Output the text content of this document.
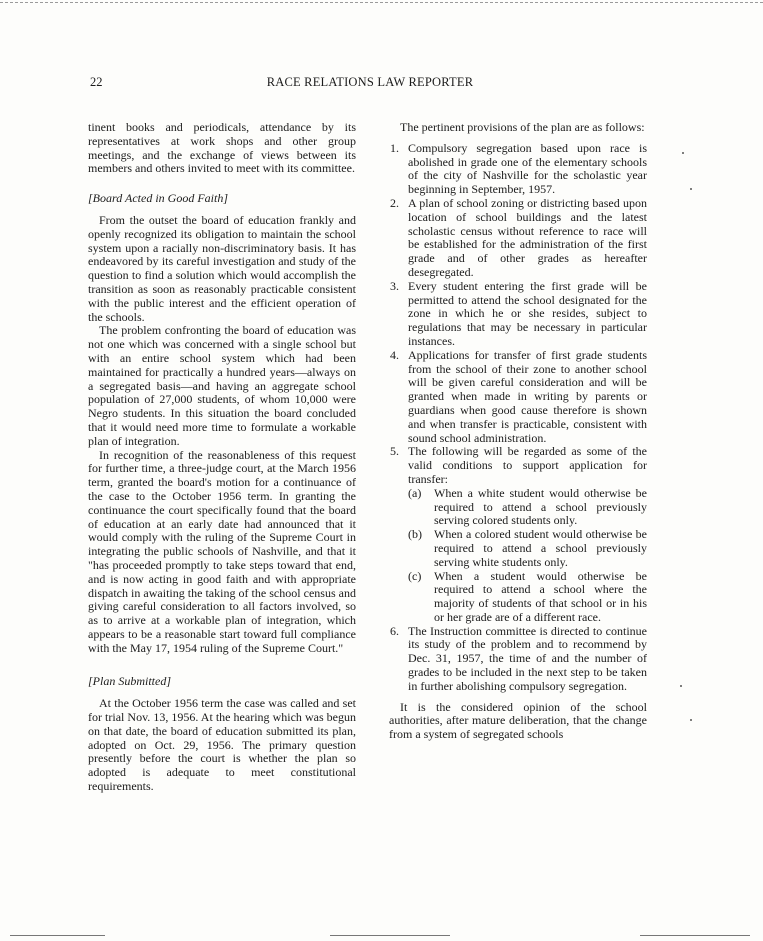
22	RACE RELATIONS LAW REPORTER

tinent books and periodicals, attendance by its representatives at work shops and other group meetings, and the exchange of views between its members and others invited to meet with its committee.

[Board Acted in Good Faith]

From the outset the board of education frankly and openly recognized its obligation to maintain the school system upon a racially non-discriminatory basis. It has endeavored by its careful investigation and study of the question to find a solution which would accomplish the transition as soon as reasonably practicable consistent with the public interest and the efficient operation of the schools.

The problem confronting the board of education was not one which was concerned with a single school but with an entire school system which had been maintained for practically a hundred years—always on a segregated basis—and having an aggregate school population of 27,000 students, of whom 10,000 were Negro students. In this situation the board concluded that it would need more time to formulate a workable plan of integration.

In recognition of the reasonableness of this request for further time, a three-judge court, at the March 1956 term, granted the board's motion for a continuance of the case to the October 1956 term. In granting the continuance the court specifically found that the board of education at an early date had announced that it would comply with the ruling of the Supreme Court in integrating the public schools of Nashville, and that it "has proceeded promptly to take steps toward that end, and is now acting in good faith and with appropriate dispatch in awaiting the taking of the school census and giving careful consideration to all factors involved, so as to arrive at a workable plan of integration, which appears to be a reasonable start toward full compliance with the May 17, 1954 ruling of the Supreme Court."

[Plan Submitted]

At the October 1956 term the case was called and set for trial Nov. 13, 1956. At the hearing which was begun on that date, the board of education submitted its plan, adopted on Oct. 29, 1956. The primary question presently before the court is whether the plan so adopted is adequate to meet constitutional requirements.

The pertinent provisions of the plan are as follows:

1. Compulsory segregation based upon race is abolished in grade one of the elementary schools of the city of Nashville for the scholastic year beginning in September, 1957.
2. A plan of school zoning or districting based upon location of school buildings and the latest scholastic census without reference to race will be established for the administration of the first grade and of other grades as hereafter desegregated.
3. Every student entering the first grade will be permitted to attend the school designated for the zone in which he or she resides, subject to regulations that may be necessary in particular instances.
4. Applications for transfer of first grade students from the school of their zone to another school will be given careful consideration and will be granted when made in writing by parents or guardians when good cause therefore is shown and when transfer is practicable, consistent with sound school administration.
5. The following will be regarded as some of the valid conditions to support application for transfer:
(a) When a white student would otherwise be required to attend a school previously serving colored students only.
(b) When a colored student would otherwise be required to attend a school previously serving white students only.
(c) When a student would otherwise be required to attend a school where the majority of students of that school or in his or her grade are of a different race.
6. The Instruction committee is directed to continue its study of the problem and to recommend by Dec. 31, 1957, the time of and the number of grades to be included in the next step to be taken in further abolishing compulsory segregation.

It is the considered opinion of the school authorities, after mature deliberation, that the change from a system of segregated schools
